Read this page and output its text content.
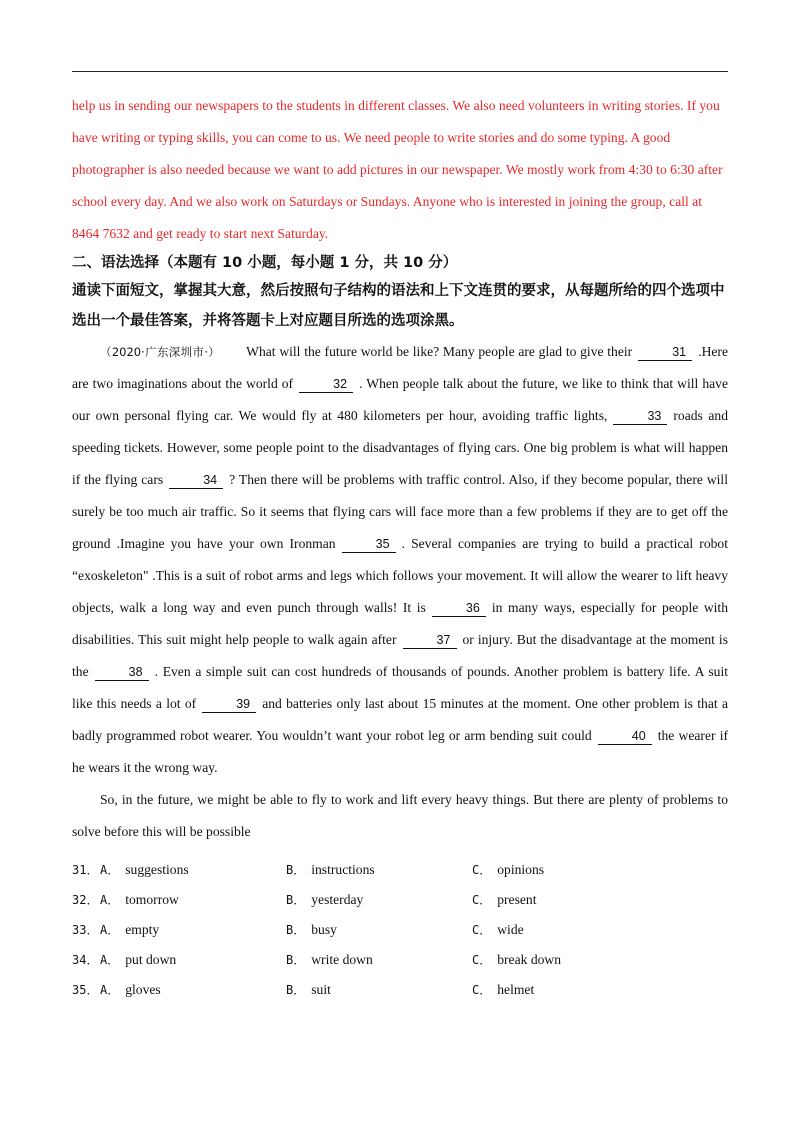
help us in sending our newspapers to the students in different classes. We also need volunteers in writing stories. If you have writing or typing skills, you can come to us. We need people to write stories and do some typing. A good photographer is also needed because we want to add pictures in our newspaper. We mostly work from 4:30 to 6:30 after school every day. And we also work on Saturdays or Sundays. Anyone who is interested in joining the group, call at 8464 7632 and get ready to start next Saturday.

二、语法选择（本题有 10 小题，每小题 1 分，共 10 分）

通读下面短文，掌握其大意，然后按照句子结构的语法和上下文连贯的要求，从每题所给的四个选项中选出一个最佳答案，并将答题卡上对应题目所选的选项涂黑。

（2020·广东深圳市·） What will the future world be like? Many people are glad to give their	31 .Here are two imaginations about the world of	32 . When people talk about the future, we like to think that will have our own personal flying car. We would fly at 480 kilometers per hour, avoiding traffic lights,	33 roads and speeding tickets. However, some people point to the disadvantages of flying cars. One big problem is what will happen if the flying cars	34 ? Then there will be problems with traffic control. Also, if they become popular, there will surely be too much air traffic. So it seems that flying cars will face more than a few problems if they are to get off the ground .Imagine you have your own Ironman	35 . Several companies are trying to build a practical robot “exoskeleton" .This is a suit of robot arms and legs which follows your movement. It will allow the wearer to lift heavy objects, walk a long way and even punch through walls! It is	36 in many ways, especially for people with disabilities. This suit might help people to walk again after	37 or injury. But the disadvantage at the moment is the	38 . Even a simple suit can cost hundreds of thousands of pounds. Another problem is battery life. A suit like this needs a lot of	39 and batteries only last about 15 minutes at the moment. One other problem is that a badly programmed robot wearer. You wouldn’t want your robot leg or arm bending suit could	40 the wearer if he wears it the wrong way.

So, in the future, we might be able to fly to work and lift every heavy things. But there are plenty of problems to solve before this will be possible

31． A． suggestions	B． instructions	C． opinions
32． A． tomorrow	B． yesterday	C． present
33． A． empty	B． busy	C． wide
34． A． put down	B． write down	C． break down
35． A． gloves	B． suit	C． helmet
